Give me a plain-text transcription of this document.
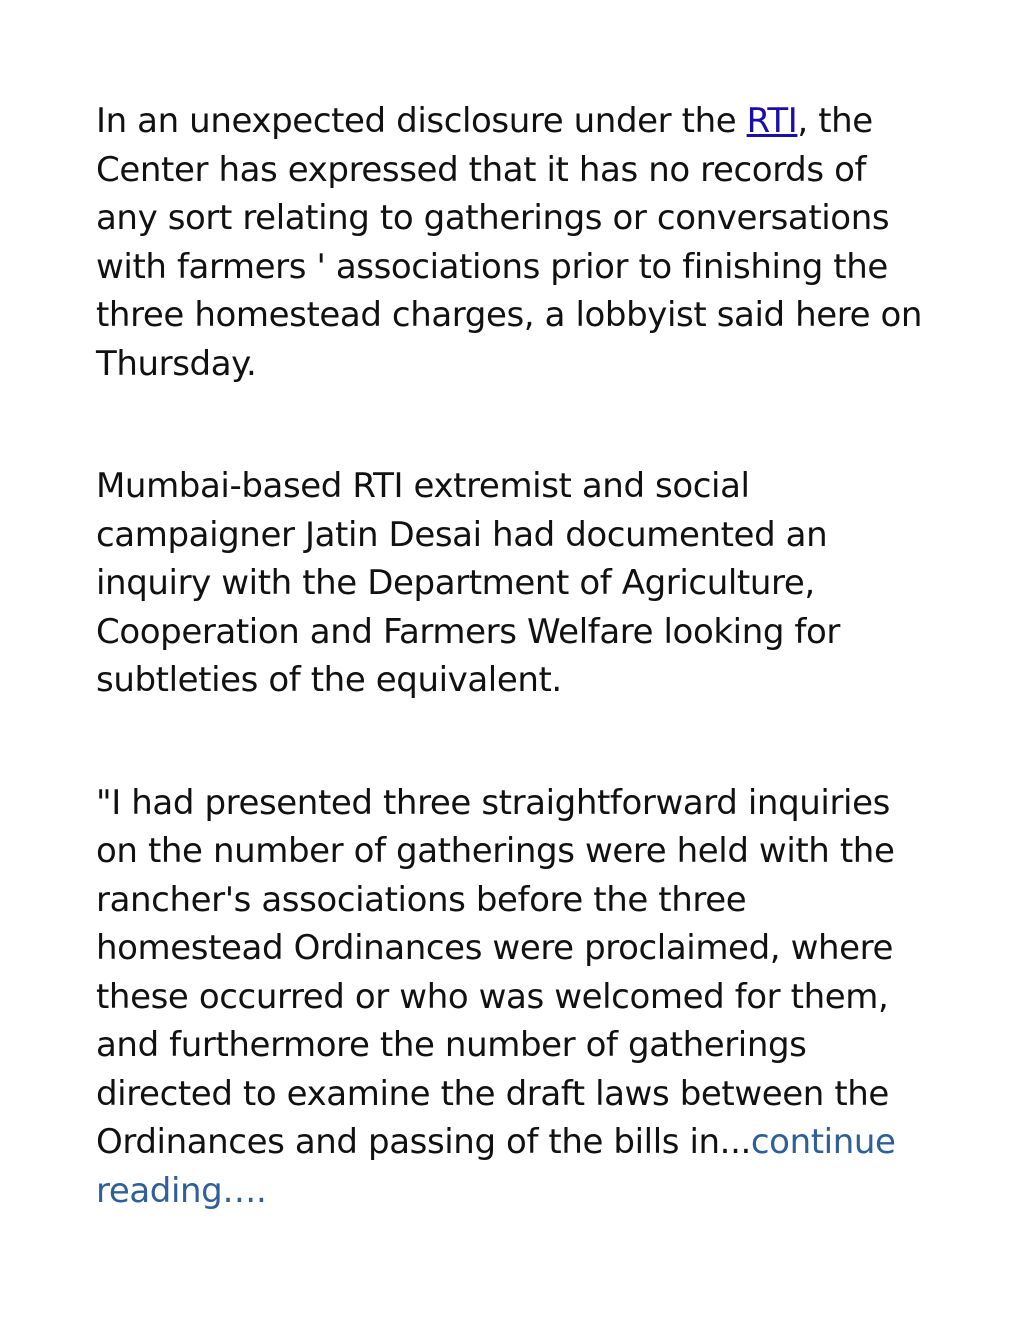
In an unexpected disclosure under the RTI, the Center has expressed that it has no records of any sort relating to gatherings or conversations with farmers ' associations prior to finishing the three homestead charges, a lobbyist said here on Thursday.

Mumbai-based RTI extremist and social campaigner Jatin Desai had documented an inquiry with the Department of Agriculture, Cooperation and Farmers Welfare looking for subtleties of the equivalent.

"I had presented three straightforward inquiries on the number of gatherings were held with the rancher's associations before the three homestead Ordinances were proclaimed, where these occurred or who was welcomed for them, and furthermore the number of gatherings directed to examine the draft laws between the Ordinances and passing of the bills in...continue reading….
